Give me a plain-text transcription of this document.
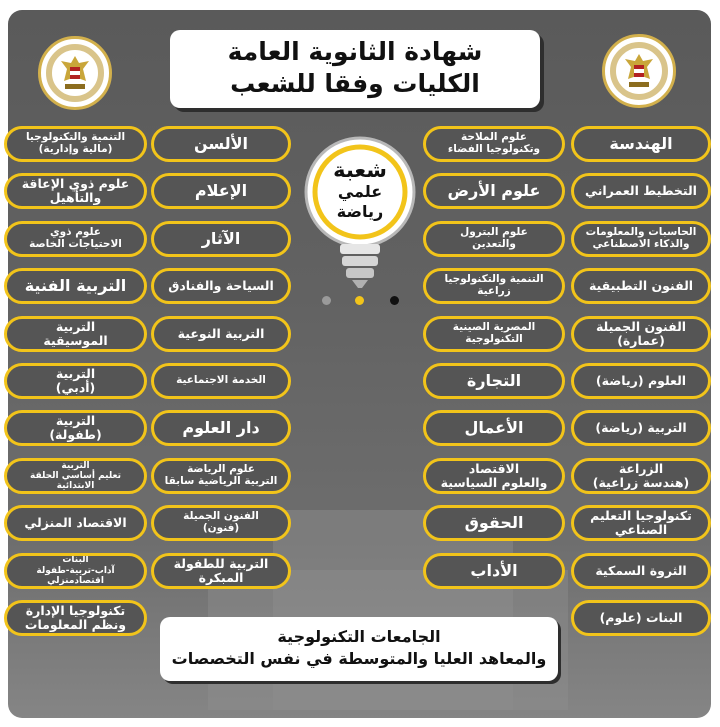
شهادة الثانوية العامة
الكليات وفقا للشعب
شعبة
علمي رياضة
الهندسة
التخطيط العمراني
الحاسبات والمعلومات
والذكاء الاصطناعي
الفنون التطبيقية
الفنون الجميلة
(عمارة)
العلوم (رياضة)
التربية (رياضة)
الزراعة
(هندسة زراعية)
تكنولوجيا التعليم
الصناعي
الثروة السمكية
البنات (علوم)
علوم الملاحة
وتكنولوجيا الفضاء
علوم الأرض
علوم البترول
والتعدين
التنمية والتكنولوجيا
زراعية
المصرية الصينية
التكنولوجية
التجارة
الأعمال
الاقتصاد
والعلوم السياسية
الحقوق
الأداب
الألسن
الإعلام
الآثار
السياحة والفنادق
التربية النوعية
الخدمة الاجتماعية
دار العلوم
علوم الرياضة
التربية الرياضية سابقا
الفنون الجميلة
(فنون)
التربية للطفولة
المبكرة
التنمية والتكنولوجيا
(مالية وإدارية)
علوم ذوي الإعاقة
والتأهيل
علوم ذوي
الاحتياجات الخاصة
التربية الفنية
التربية
الموسيقية
التربية
(أدبي)
التربية
(طفولة)
التربية
تعليم أساسي الحلقة الابتدائية
الاقتصاد المنزلي
البنات
آداب-تربية-طفولة اقتصادمنزلي
تكنولوجيا الإدارة
ونظم المعلومات
الجامعات التكنولوجية
والمعاهد العليا والمتوسطة في نفس التخصصات
